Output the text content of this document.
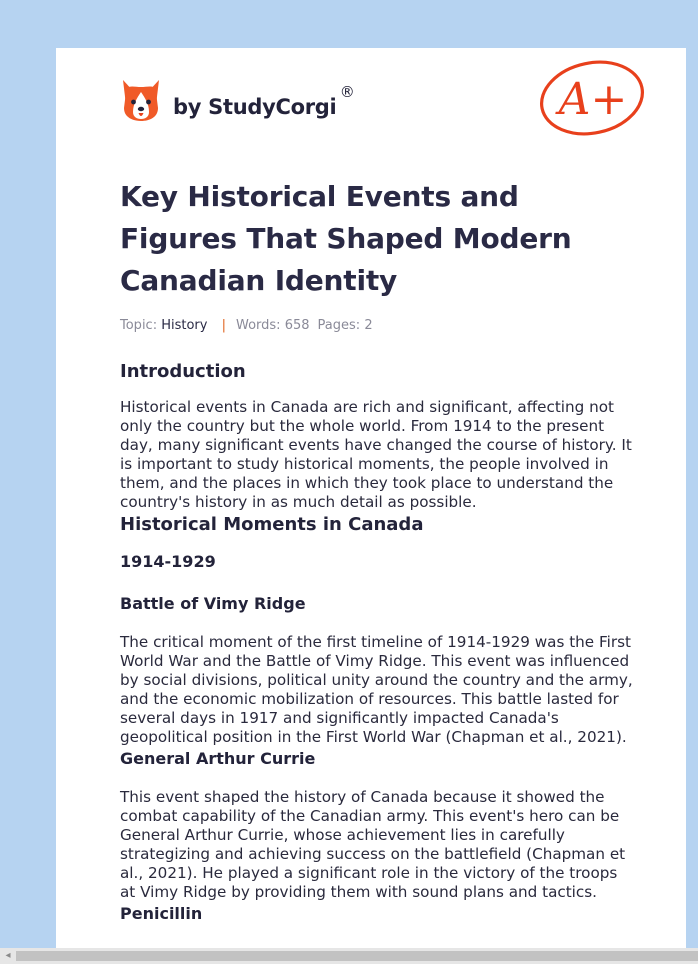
by StudyCorgi
®	A+
Key Historical Events and Figures That Shaped Modern Canadian Identity
Topic: History | Words: 658 Pages: 2
Introduction

Historical events in Canada are rich and significant, affecting not only the country but the whole world. From 1914 to the present day, many significant events have changed the course of history. It is important to study historical moments, the people involved in them, and the places in which they took place to understand the country's history in as much detail as possible.

Historical Moments in Canada
1914-1929
Battle of Vimy Ridge

The critical moment of the first timeline of 1914-1929 was the First World War and the Battle of Vimy Ridge. This event was influenced by social divisions, political unity around the country and the army, and the economic mobilization of resources. This battle lasted for several days in 1917 and significantly impacted Canada's geopolitical position in the First World War (Chapman et al., 2021).

General Arthur Currie

This event shaped the history of Canada because it showed the combat capability of the Canadian army. This event's hero can be General Arthur Currie, whose achievement lies in carefully strategizing and achieving success on the battlefield (Chapman et al., 2021). He played a significant role in the victory of the troops at Vimy Ridge by providing them with sound plans and tactics.

Penicillin
◂
